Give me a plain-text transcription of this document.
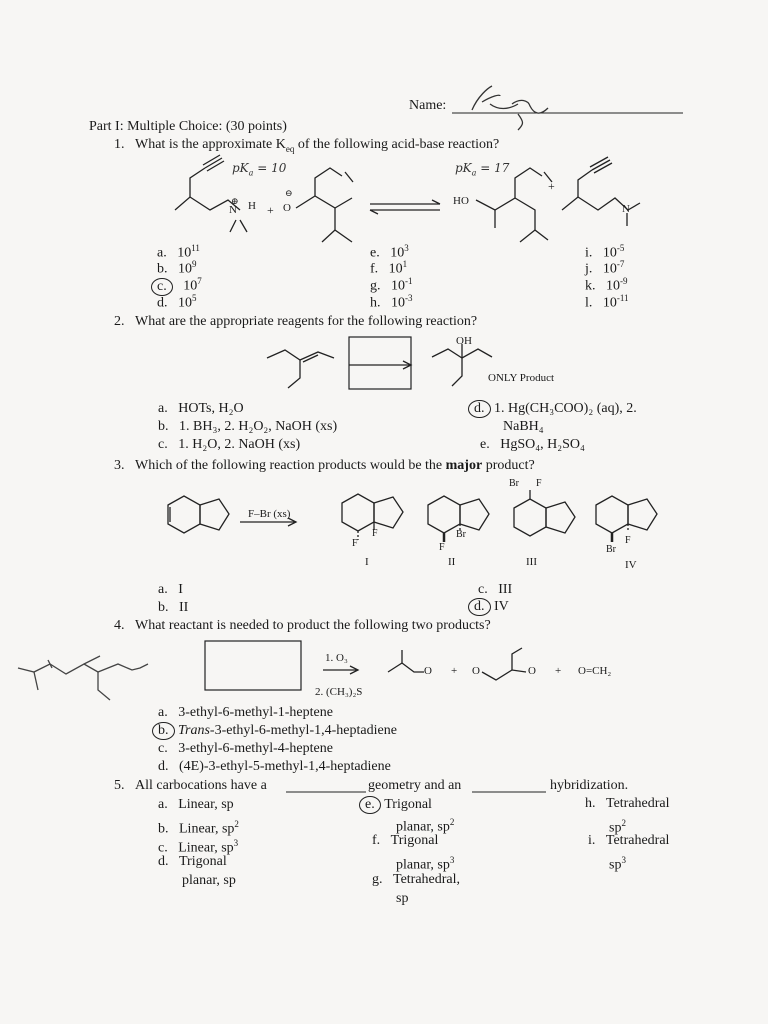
Name:
Part I: Multiple Choice: (30 points)
1. What is the approximate $K_{eq}$ of the following acid-base reaction?
$pK_a = 10$	$pK_a = 17$
⊕
N H +
⊖
O
HO
+
N
a. $10^{11}$
b. $10^9$
c. $10^7$
d. $10^5$
e. $10^3$
f. $10^1$
g. $10^{-1}$
h. $10^{-3}$
i. $10^{-5}$
j. $10^{-7}$
k. $10^{-9}$
l. $10^{-11}$
2. What are the appropriate reagents for the following reaction?
OH
ONLY Product
a. HOTs, H₂O
b. 1. BH₃, 2. H₂O₂, NaOH (xs)
c. 1. H₂O, 2. NaOH (xs)
d. 1. Hg(CH₃COO)₂ (aq), 2.
NaBH₄
e. HgSO₄, H₂SO₄
3. Which of the following reaction products would be the major product?
F–Br (xs)
F
F
F
Br
Br F
Br
F
I	II	III	IV
a. I
b. II
c. III
d. IV
4. What reactant is needed to product the following two products?
1. O₃
2. (CH₃)₂S
O + O	O + O=CH₂
a. 3-ethyl-6-methyl-1-heptene
b. Trans-3-ethyl-6-methyl-1,4-heptadiene
c. 3-ethyl-6-methyl-4-heptene
d. (4E)-3-ethyl-5-methyl-1,4-heptadiene
5. All carbocations have a	geometry and an	hybridization.
a. Linear, sp
b. Linear, $sp^2$
c. Linear, $sp^3$
d. Trigonal
planar, sp
e. Trigonal
planar, $sp^2$
f. Trigonal
planar, $sp^3$
g. Tetrahedral,
sp
h. Tetrahedral
$sp^2$
i. Tetrahedral
$sp^3$
